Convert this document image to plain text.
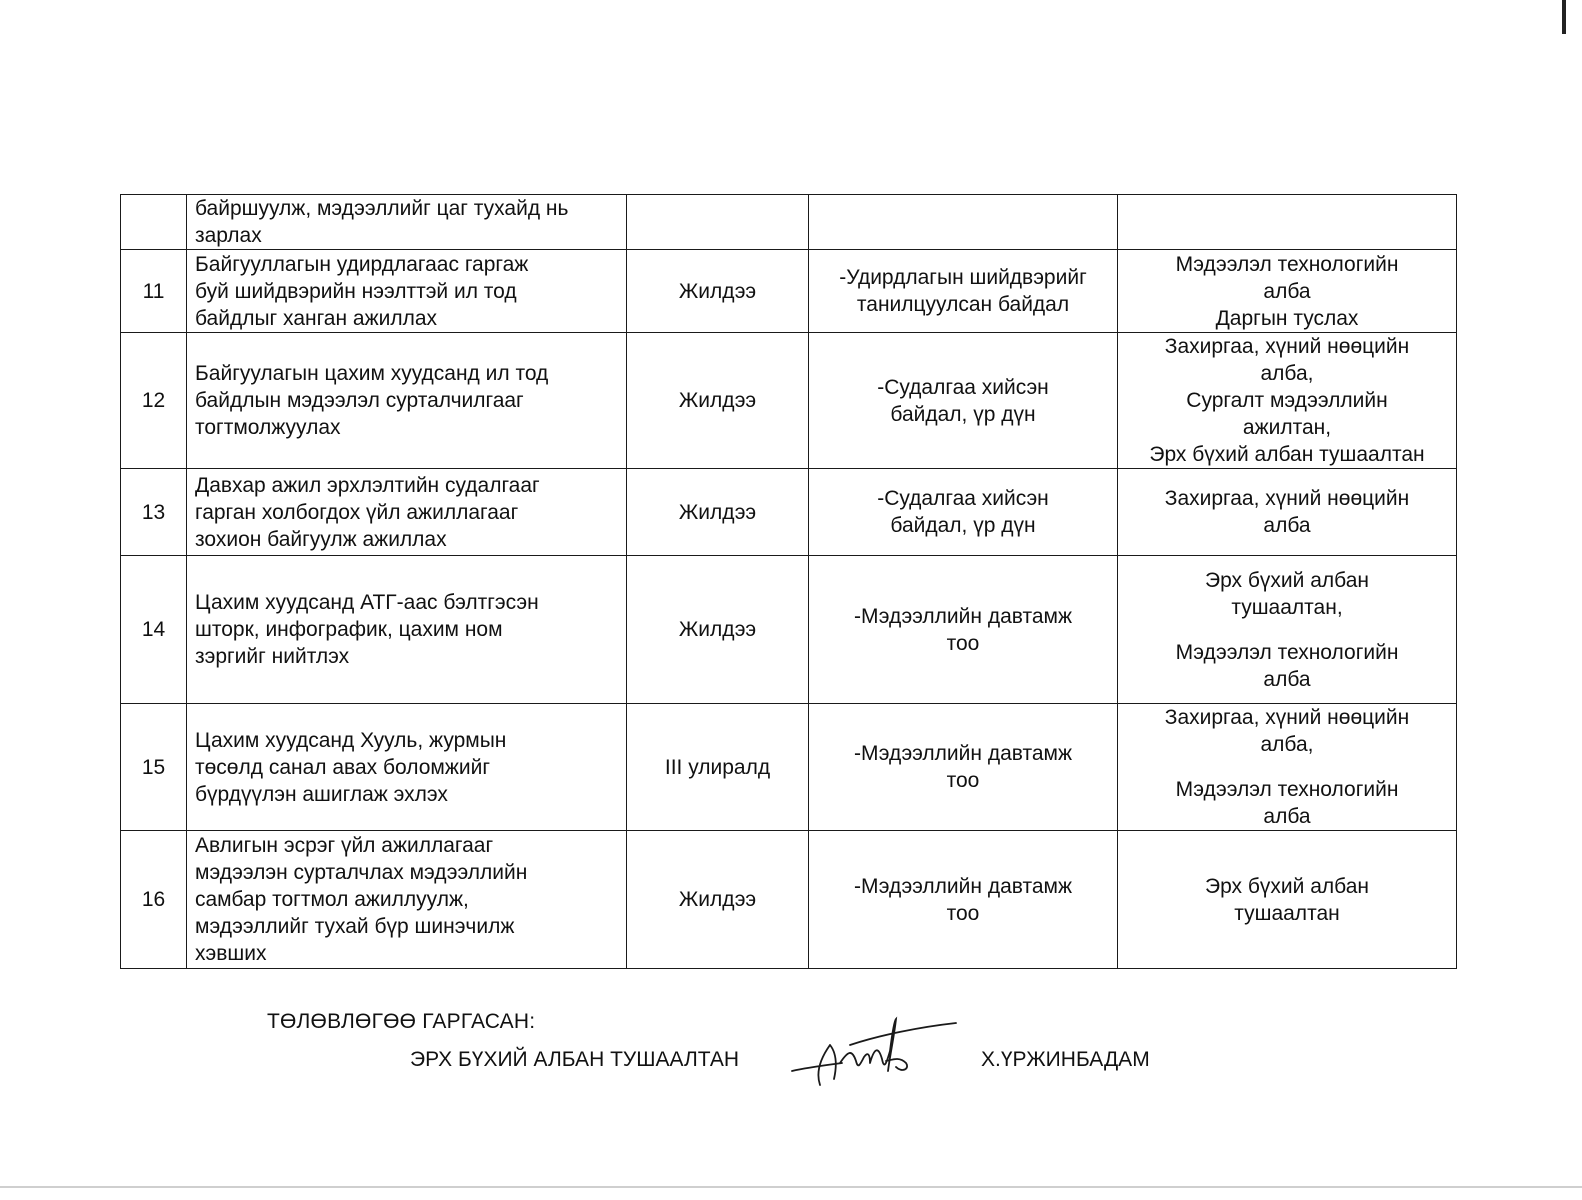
	байршуулж, мэдээллийг цаг тухайд нь
зарлах			

11	Байгууллагын удирдлагаас гаргаж
буй шийдвэрийн нээлттэй ил тод
байдлыг ханган ажиллах	Жилдээ	-Удирдлагын шийдвэрийг
танилцуулсан байдал	Мэдээлэл технологийн
алба
Даргын туслах

12	Байгуулагын цахим хуудсанд ил тод
байдлын мэдээлэл сурталчилгааг
тогтмолжуулах	Жилдээ	-Судалгаа хийсэн
байдал, үр дүн	Захиргаа, хүний нөөцийн
алба,
Сургалт мэдээллийн
ажилтан,
Эрх бүхий албан тушаалтан

13	Давхар ажил эрхлэлтийн судалгааг
гарган холбогдох үйл ажиллагааг
зохион байгуулж ажиллах	Жилдээ	-Судалгаа хийсэн
байдал, үр дүн	Захиргаа, хүний нөөцийн
алба

14	Цахим хуудсанд АТГ-аас бэлтгэсэн
шторк, инфографик, цахим ном
зэргийг нийтлэх	Жилдээ	-Мэдээллийн давтамж
тоо	Эрх бүхий албан
тушаалтан,
Мэдээлэл технологийн
алба

15	Цахим хуудсанд Хууль, журмын
төсөлд санал авах боломжийг
бүрдүүлэн ашиглаж эхлэх	III улиралд	-Мэдээллийн давтамж
тоо	Захиргаа, хүний нөөцийн
алба,
Мэдээлэл технологийн
алба

16	Авлигын эсрэг үйл ажиллагааг
мэдээлэн сурталчлах мэдээллийн
самбар тогтмол ажиллуулж,
мэдээллийг тухай бүр шинэчилж
хэвших	Жилдээ	-Мэдээллийн давтамж
тоо	Эрх бүхий албан
тушаалтан
ТӨЛӨВЛӨГӨӨ ГАРГАСАН:
ЭРХ БҮХИЙ АЛБАН ТУШААЛТАН	Х.ҮРЖИНБАДАМ
